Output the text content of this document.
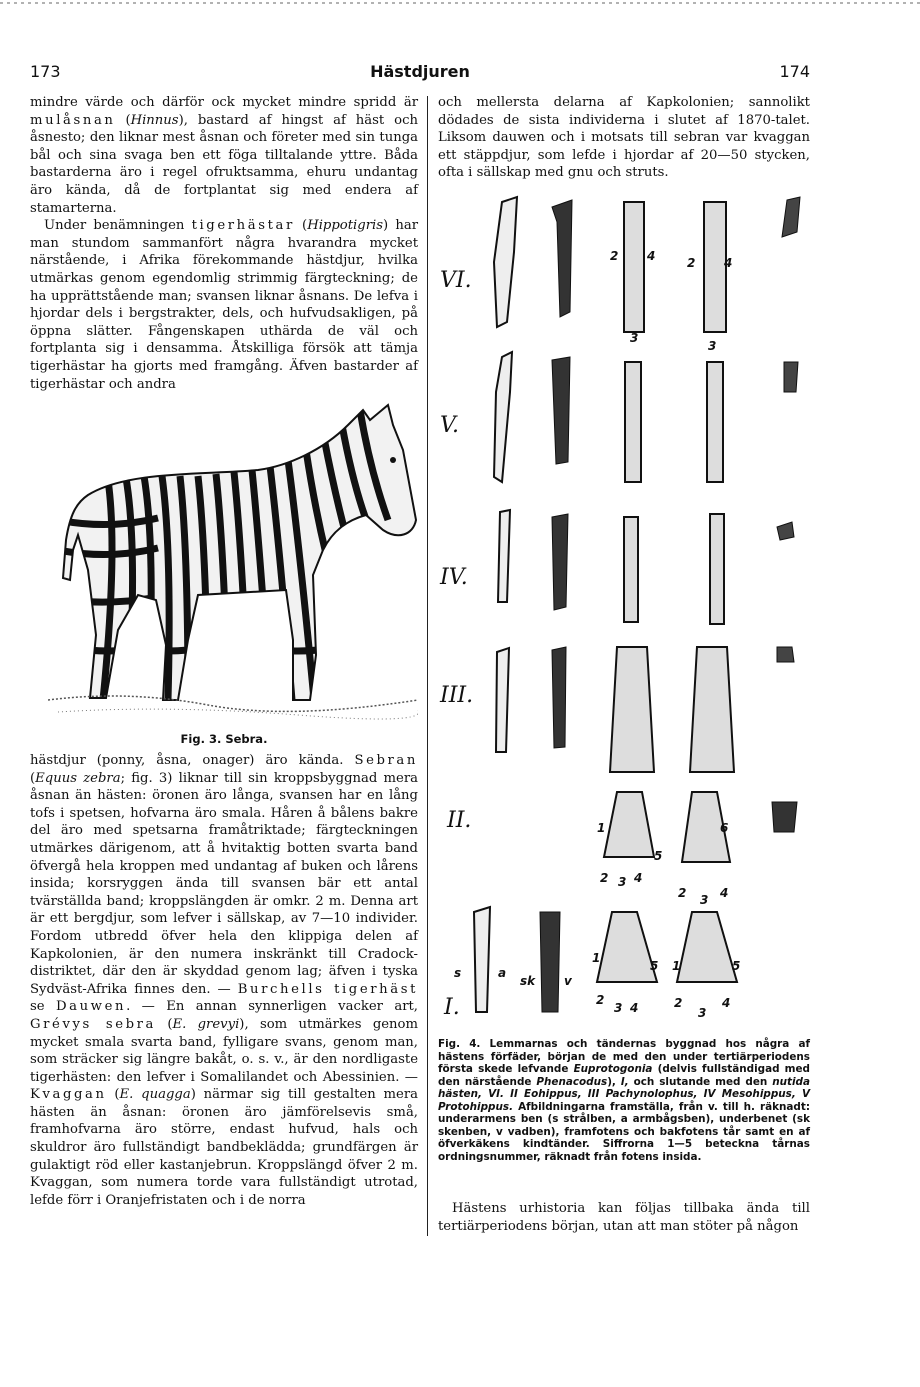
173	Hästdjuren	174

mindre värde och därför ock mycket mindre spridd är mulåsnan (Hinnus), bastard af hingst af häst och åsnesto; den liknar mest åsnan och företer med sin tunga bål och sina svaga ben ett föga tilltalande yttre. Båda bastarderna äro i regel ofruktsamma, ehuru undantag äro kända, då de fortplantat sig med endera af stamarterna.

Under benämningen tigerhästar (Hippotigris) har man stundom sammanfört några hvarandra mycket närstående, i Afrika förekommande hästdjur, hvilka utmärkas genom egendomlig strimmig färgteckning; de ha upprättstående man; svansen liknar åsnans. De lefva i hjordar dels i bergstrakter, dels, och hufvudsakligen, på öppna slätter. Fångenskapen uthärda de väl och fortplanta sig i densamma. Åtskilliga försök att tämja tigerhästar ha gjorts med framgång. Äfven bastarder af tigerhästar och andra

Fig. 3. Sebra.

hästdjur (ponny, åsna, onager) äro kända. Sebran (Equus zebra; fig. 3) liknar till sin kroppsbyggnad mera åsnan än hästen: öronen äro långa, svansen har en lång tofs i spetsen, hofvarna äro smala. Håren å bålens bakre del äro med spetsarna framåtriktade; färgteckningen utmärkes därigenom, att å hvitaktig botten svarta band öfvergå hela kroppen med undantag af buken och lårens insida; korsryggen ända till svansen bär ett antal tvärställda band; kroppslängden är omkr. 2 m. Denna art är ett bergdjur, som lefver i sällskap, av 7—10 individer. Fordom utbredd öfver hela den klippiga delen af Kapkolonien, är den numera inskränkt till Cradock-distriktet, där den är skyddad genom lag; äfven i tyska Sydväst-Afrika finnes den. — Burchells tigerhäst se Dauwen. — En annan synnerligen vacker art, Grévys sebra (E. grevyi), som utmärkes genom mycket smala svarta band, fylligare svans, genom man, som sträcker sig längre bakåt, o. s. v., är den nordligaste tigerhästen: den lefver i Somalilandet och Abessinien. — Kvaggan (E. quagga) närmar sig till gestalten mera hästen än åsnan: öronen äro jämförelsevis små, framhofvarna äro större, endast hufvud, hals och skuldror äro fullständigt bandbeklädda; grundfärgen är gulaktigt röd eller kastanjebrun. Kroppslängd öfver 2 m. Kvaggan, som numera torde vara fullständigt utrotad, lefde förr i Oranjefristaten och i de norra

och mellersta delarna af Kapkolonien; sannolikt dödades de sista individerna i slutet af 1870-talet. Liksom dauwen och i motsats till sebran var kvaggan ett stäppdjur, som lefde i hjordar af 20—50 stycken, ofta i sällskap med gnu och struts.
VI.
V.
IV.
III.
II.
I.
2 4
3
2 4
3
1
5
2 3 4
6
2 3 4
s	a
sk v
1
5
2
3 4
1	5
2
3
4
Fig. 4. Lemmarnas och tändernas byggnad hos några af hästens förfäder, början de med den under tertiärperiodens första skede lefvande Euprotogonia (delvis fullständigad med den närstående Phenacodus), I, och slutande med den nutida hästen, VI. II Eohippus, III Pachynolophus, IV Mesohippus, V Protohippus. Afbildningarna framställa, från v. till h. räknadt: underarmens ben (s strålben, a armbågsben), underbenet (sk skenben, v vadben), framfotens och bakfotens tår samt en af öfverkäkens kindtänder. Siffrorna 1—5 beteckna tårnas ordningsnummer, räknadt från fotens insida.
Hästens urhistoria kan följas tillbaka ända till tertiärperiodens början, utan att man stöter på någon
